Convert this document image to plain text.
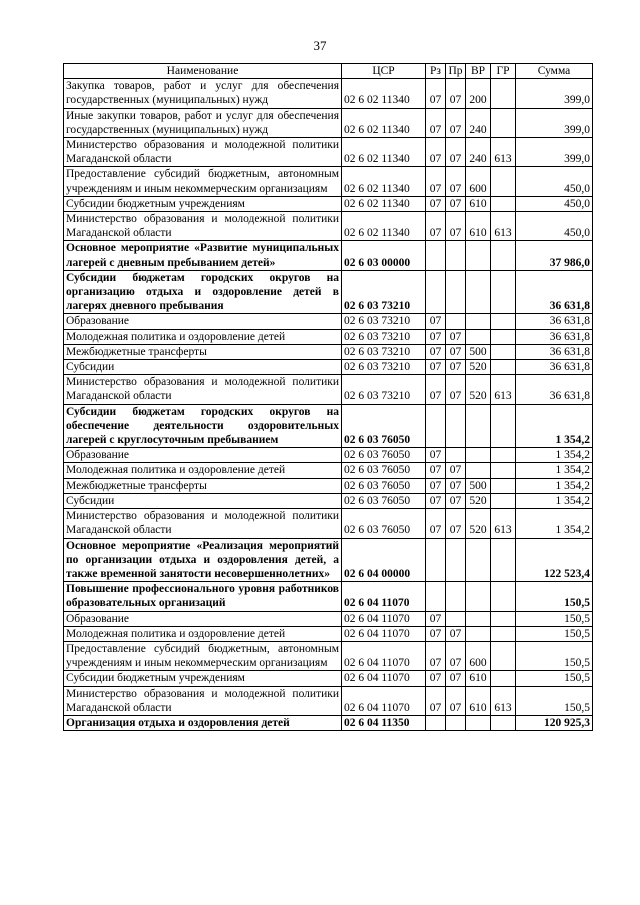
37
Наименование	ЦСР	Рз	Пр	ВР	ГР	Сумма
Закупка товаров, работ и услуг для обеспечения государственных (муниципальных) нужд	02 6 02 11340	07	07	200		399,0
Иные закупки товаров, работ и услуг для обеспечения государственных (муниципальных) нужд	02 6 02 11340	07	07	240		399,0
Министерство образования и молодежной политики Магаданской области	02 6 02 11340	07	07	240	613	399,0
Предоставление субсидий бюджетным, автономным учреждениям и иным некоммерческим организациям	02 6 02 11340	07	07	600		450,0
Субсидии бюджетным учреждениям	02 6 02 11340	07	07	610		450,0
Министерство образования и молодежной политики Магаданской области	02 6 02 11340	07	07	610	613	450,0
Основное мероприятие «Развитие муниципальных лагерей с дневным пребыванием детей»	02 6 03 00000					37 986,0
Субсидии бюджетам городских округов на организацию отдыха и оздоровление детей в лагерях дневного пребывания	02 6 03 73210					36 631,8
Образование	02 6 03 73210	07				36 631,8
Молодежная политика и оздоровление детей	02 6 03 73210	07	07			36 631,8
Межбюджетные трансферты	02 6 03 73210	07	07	500		36 631,8
Субсидии	02 6 03 73210	07	07	520		36 631,8
Министерство образования и молодежной политики Магаданской области	02 6 03 73210	07	07	520	613	36 631,8
Субсидии бюджетам городских округов на обеспечение деятельности оздоровительных лагерей с круглосуточным пребыванием	02 6 03 76050					1 354,2
Образование	02 6 03 76050	07				1 354,2
Молодежная политика и оздоровление детей	02 6 03 76050	07	07			1 354,2
Межбюджетные трансферты	02 6 03 76050	07	07	500		1 354,2
Субсидии	02 6 03 76050	07	07	520		1 354,2
Министерство образования и молодежной политики Магаданской области	02 6 03 76050	07	07	520	613	1 354,2
Основное мероприятие «Реализация мероприятий по организации отдыха и оздоровления детей, а также временной занятости несовершеннолетних»	02 6 04 00000					122 523,4
Повышение профессионального уровня работников образовательных организаций	02 6 04 11070					150,5
Образование	02 6 04 11070	07				150,5
Молодежная политика и оздоровление детей	02 6 04 11070	07	07			150,5
Предоставление субсидий бюджетным, автономным учреждениям и иным некоммерческим организациям	02 6 04 11070	07	07	600		150,5
Субсидии бюджетным учреждениям	02 6 04 11070	07	07	610		150,5
Министерство образования и молодежной политики Магаданской области	02 6 04 11070	07	07	610	613	150,5
Организация отдыха и оздоровления детей	02 6 04 11350					120 925,3
